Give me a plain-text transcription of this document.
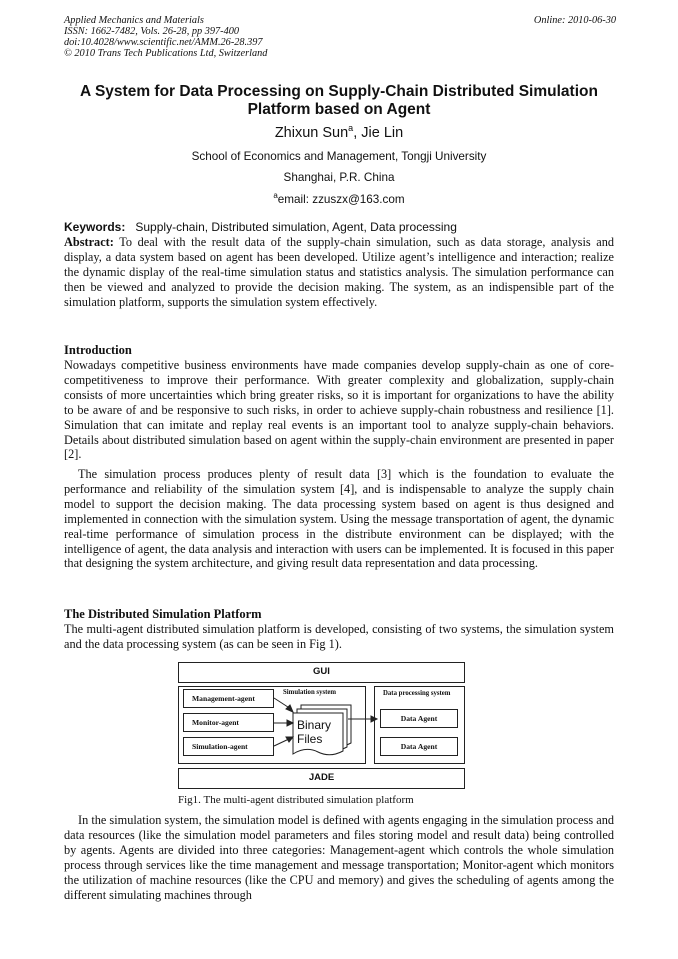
Applied Mechanics and Materials
ISSN: 1662-7482, Vols. 26-28, pp 397-400
doi:10.4028/www.scientific.net/AMM.26-28.397
© 2010 Trans Tech Publications Ltd, Switzerland
Online: 2010-06-30
A System for Data Processing on Supply-Chain Distributed Simulation Platform based on Agent
Zhixun Sun$^a$, Jie Lin
School of Economics and Management, Tongji University
Shanghai, P.R. China
$^a$email: zzuszx@163.com
Keywords: Supply-chain, Distributed simulation, Agent, Data processing

Abstract: To deal with the result data of the supply-chain simulation, such as data storage, analysis and display, a data system based on agent has been developed. Utilize agent’s intelligence and interaction; realize the dynamic display of the real-time simulation status and statistics analysis. The simulation performance can then be viewed and analyzed to provide the decision making. The system, as an indispensible part of the simulation platform, supports the simulation system effectively.

Introduction

Nowadays competitive business environments have made companies develop supply-chain as one of core-competitiveness to improve their performance. With greater complexity and globalization, supply-chain consists of more uncertainties which bring greater risks, so it is important for organizations to have the ability to be aware of and be responsive to such risks, in order to achieve supply-chain robustness and resilience [1]. Simulation that can imitate and replay real events is an important tool to analyze supply-chain behaviors. Details about distributed simulation based on agent within the supply-chain environment are presented in paper [2].

The simulation process produces plenty of result data [3] which is the foundation to evaluate the performance and reliability of the simulation system [4], and is indispensable to analyze the supply chain model to support the decision making. The data processing system based on agent is thus designed and implemented in connection with the simulation system. Using the message transportation of agent, the dynamic real-time performance of simulation process in the distribute environment can be displayed; with the intelligence of agent, the data analysis and interaction with users can be implemented. It is focused in this paper that designing the system architecture, and giving result data representation and data processing.

The Distributed Simulation Platform

The multi-agent distributed simulation platform is developed, consisting of two systems, the simulation system and the data processing system (as can be seen in Fig 1).

GUI
Simulation system	Data processing system
Management-agent
Monitor-agent
Simulation-agent
Binary
Files
Data Agent
Data Agent
JADE
Fig1. The multi-agent distributed simulation platform

In the simulation system, the simulation model is defined with agents engaging in the simulation process and data resources (like the simulation model parameters and files storing model and result data) being controlled by agents. Agents are divided into three categories: Management-agent which controls the whole simulation process through services like the time management and message transportation; Monitor-agent which monitors the utilization of machine resources (like the CPU and memory) and gives the scheduling of agents among the different simulating machines through
